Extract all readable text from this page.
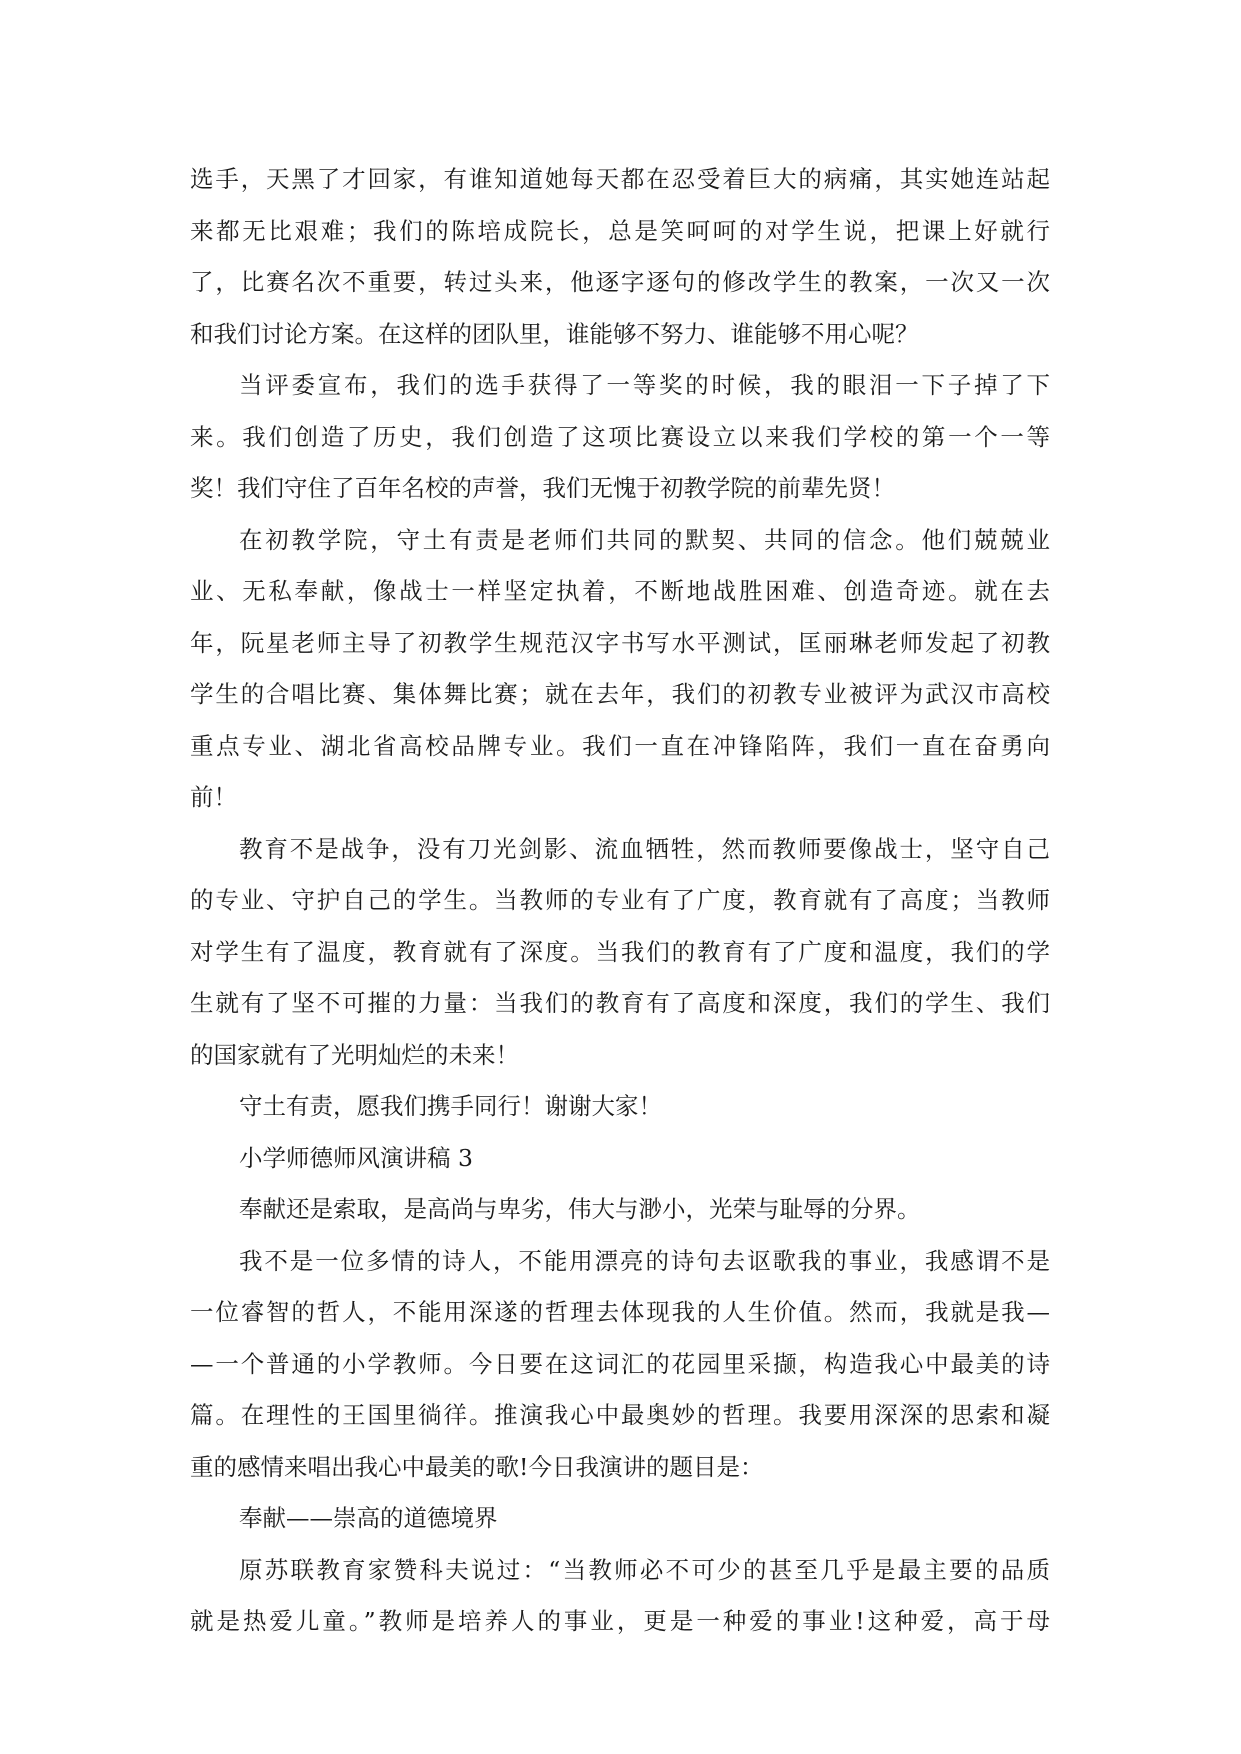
选手，天黑了才回家，有谁知道她每天都在忍受着巨大的病痛，其实她连站起
来都无比艰难；我们的陈培成院长，总是笑呵呵的对学生说，把课上好就行
了，比赛名次不重要，转过头来，他逐字逐句的修改学生的教案，一次又一次
和我们讨论方案。在这样的团队里，谁能够不努力、谁能够不用心呢？
当评委宣布，我们的选手获得了一等奖的时候，我的眼泪一下子掉了下
来。我们创造了历史，我们创造了这项比赛设立以来我们学校的第一个一等
奖！我们守住了百年名校的声誉，我们无愧于初教学院的前辈先贤！
在初教学院，守土有责是老师们共同的默契、共同的信念。他们兢兢业
业、无私奉献，像战士一样坚定执着，不断地战胜困难、创造奇迹。就在去
年，阮星老师主导了初教学生规范汉字书写水平测试，匡丽琳老师发起了初教
学生的合唱比赛、集体舞比赛；就在去年，我们的初教专业被评为武汉市高校
重点专业、湖北省高校品牌专业。我们一直在冲锋陷阵，我们一直在奋勇向
前！
教育不是战争，没有刀光剑影、流血牺牲，然而教师要像战士，坚守自己
的专业、守护自己的学生。当教师的专业有了广度，教育就有了高度；当教师
对学生有了温度，教育就有了深度。当我们的教育有了广度和温度，我们的学
生就有了坚不可摧的力量：当我们的教育有了高度和深度，我们的学生、我们
的国家就有了光明灿烂的未来！
守土有责，愿我们携手同行！谢谢大家！
小学师德师风演讲稿 3
奉献还是索取，是高尚与卑劣，伟大与渺小，光荣与耻辱的分界。
我不是一位多情的诗人，不能用漂亮的诗句去讴歌我的事业，我感谓不是
一位睿智的哲人，不能用深遂的哲理去体现我的人生价值。然而，我就是我—
—一个普通的小学教师。今日要在这词汇的花园里采撷，构造我心中最美的诗
篇。在理性的王国里徜徉。推演我心中最奥妙的哲理。我要用深深的思索和凝
重的感情来唱出我心中最美的歌!今日我演讲的题目是：
奉献——崇高的道德境界
原苏联教育家赞科夫说过：“当教师必不可少的甚至几乎是最主要的品质
就是热爱儿童。”教师是培养人的事业，更是一种爱的事业!这种爱，高于母
